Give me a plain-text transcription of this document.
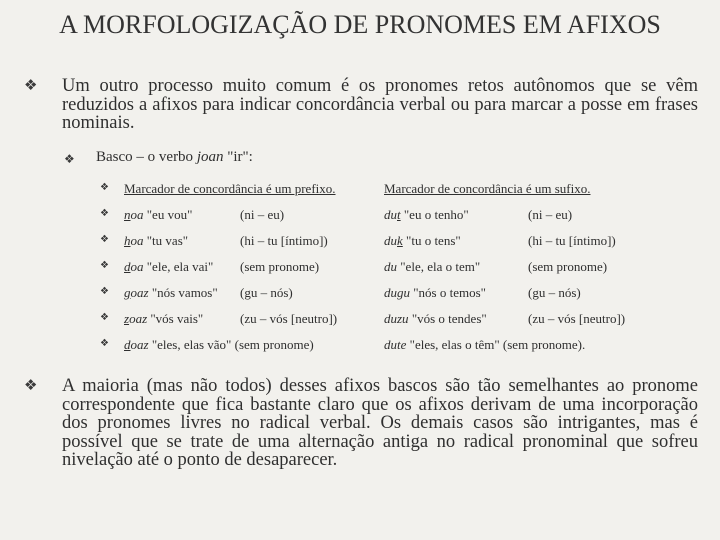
A MORFOLOGIZAÇÃO DE PRONOMES EM AFIXOS
❖ Um outro processo muito comum é os pronomes retos autônomos que se vêm reduzidos a afixos para indicar concordância verbal ou para marcar a posse em frases nominais.
❖ Basco – o verbo joan "ir":
❖ Marcador de concordância é um prefixo.	Marcador de concordância é um sufixo.
❖ noa "eu vou"	(ni – eu)	dut "eu o tenho"	(ni – eu)
❖ hoa "tu vas"	(hi – tu [íntimo])	duk "tu o tens"	(hi – tu [íntimo])
❖ doa "ele, ela vai" (sem pronome)	du "ele, ela o tem"	(sem pronome)
❖ goaz "nós vamos" (gu – nós)	dugu "nós o temos"	(gu – nós)
❖ zoaz "vós vais"	(zu – vós [neutro])	duzu "vós o tendes"	(zu – vós [neutro])
❖ doaz "eles, elas vão" (sem pronome)	dute "eles, elas o têm" (sem pronome).
❖ A maioria (mas não todos) desses afixos bascos são tão semelhantes ao pronome correspondente que fica bastante claro que os afixos derivam de uma incorporação dos pronomes livres no radical verbal. Os demais casos são intrigantes, mas é possível que se trate de uma alternação antiga no radical pronominal que sofreu nivelação até o ponto de desaparecer.
